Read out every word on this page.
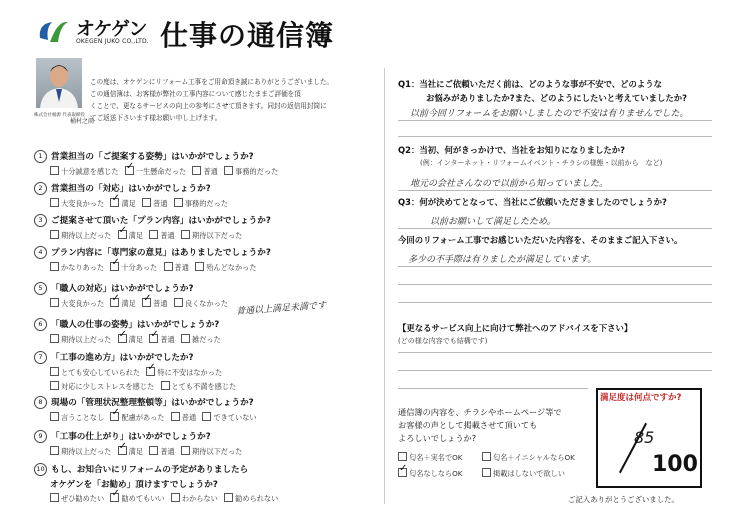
オケゲン
OKEGEN JUKO CO.,LTD. 仕事の通信簿
この度は、オケゲンにリフォーム工事をご用命頂き誠にありがとうございました。
この通信簿は、お客様が弊社の工事内容について感じたままご評価を頂
くことで、更なるサービスの向上の参考にさせて頂きます。同封の返信用封筒に
てご返送下さいます様お願い申し上げます。
株式会社桶源 代表取締役
桶村之雨
1 営業担当の「ご提案する姿勢」はいかがでしょうか?
十分誠意を感じた ✓ 一生懸命だった 普通 事務的だった
2 営業担当の「対応」はいかがでしょうか?
大変良かった ✓ 満足 普通 事務的だった
3 ご提案させて頂いた「プラン内容」はいかがでしょうか?
期待以上だった ✓ 満足 普通 期待以下だった
4 プラン内容に「専門家の意見」はありましたでしょうか?
かなりあった ✓ 十分あった 普通 殆んどなかった
5 「職人の対応」はいかがでしょうか?
大変良かった ✓ 満足 ✓ 普通 良くなかった 普通以上満足未満です
6 「職人の仕事の姿勢」はいかがでしょうか?
期待以上だった ✓ 満足 ✓ 普通 雑だった
7 「工事の進め方」はいかがでしたか?
とても安心していられた ✓ 特に不安はなかった
対応に少しストレスを感じた とても不満を感じた
8 現場の「管理状況整理整頓等」はいかがでしょうか?
言うことなし ✓ 配慮があった 普通 できていない
9 「工事の仕上がり」はいかがでしょうか?
期待以上だった ✓ 満足 普通 期待以下だった
10 もし、お知合いにリフォームの予定がありましたら
オケゲンを「お勧め」頂けますでしょうか?
ぜひ勧めたい ✓ 勧めてもいい わからない 勧められない
Q1：当社にご依頼いただく前は、どのような事が不安で、どのような
お悩みがありましたか?また、どのようにしたいと考えていましたか?
以前今回リフォームをお願いしましたので不安は有りませんでした。
Q2：当初、何がきっかけで、当社をお知りになりましたか?
(例：インターネット・リフォームイベント・チラシの様態・以前から　など)
地元の会社さんなので以前から知っていました。
Q3：何が決めてとなって、当社にご依頼いただきましたのでしょうか?
以前お願いして満足したため。
今回のリフォーム工事でお感じいただいた内容を、そのままご記入下さい。
多少の不手際は有りましたが満足しています。
【更なるサービス向上に向けて弊社へのアドバイスを下さい】
(どの様な内容でも結構です)
通信簿の内容を、チラシやホームページ等で
お客様の声として掲載させて頂いても
よろしいでしょうか?
匂名＋実名でOK	匂名＋イニシャルならOK
✓匂名なしならOK	掲載はしないで欲しい
満足度は何点ですか?
85
100
ご記入ありがとうございました。
